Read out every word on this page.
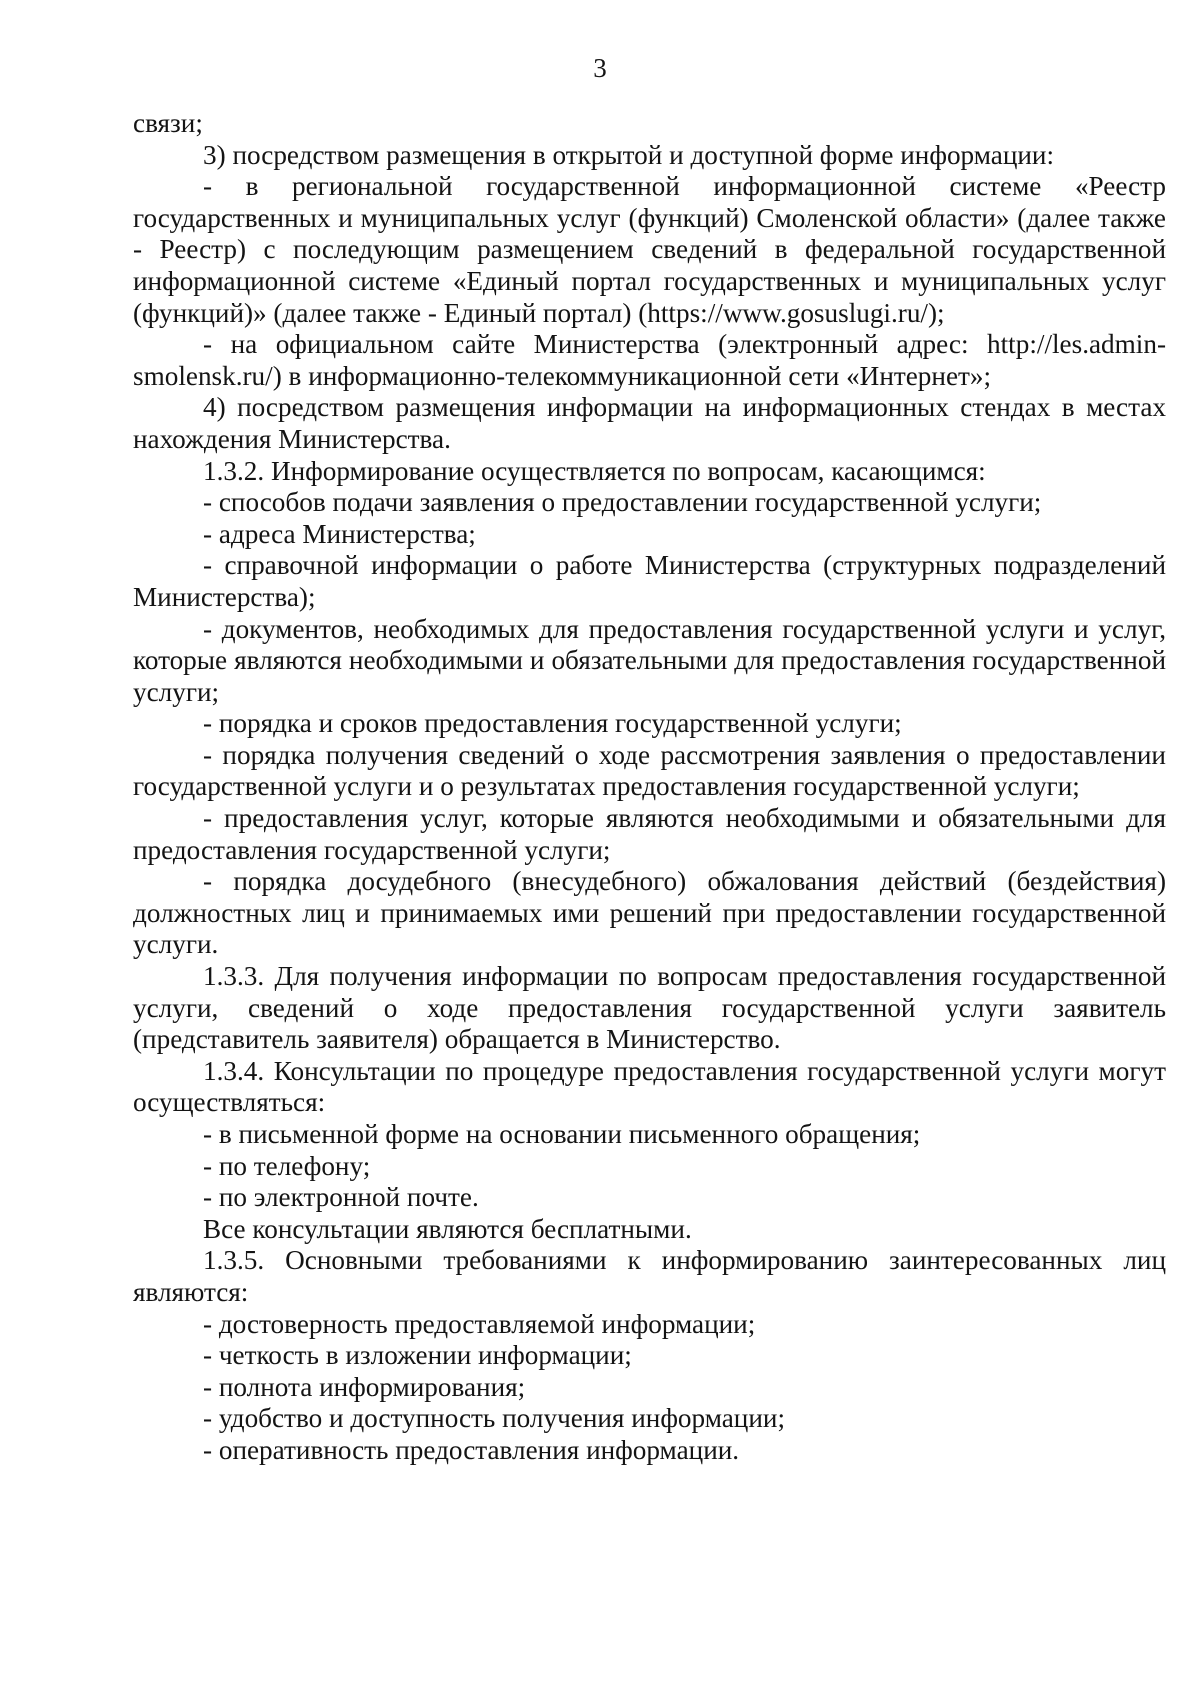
3

связи;

3) посредством размещения в открытой и доступной форме информации:

- в региональной государственной информационной системе «Реестр государственных и муниципальных услуг (функций) Смоленской области» (далее также - Реестр) с последующим размещением сведений в федеральной государственной информационной системе «Единый портал государственных и муниципальных услуг (функций)» (далее также - Единый портал) (https://www.gosuslugi.ru/);

- на официальном сайте Министерства (электронный адрес: http://les.admin-smolensk.ru/) в информационно-телекоммуникационной сети «Интернет»;

4) посредством размещения информации на информационных стендах в местах нахождения Министерства.

1.3.2. Информирование осуществляется по вопросам, касающимся:

- способов подачи заявления о предоставлении государственной услуги;

- адреса Министерства;

- справочной информации о работе Министерства (структурных подразделений Министерства);

- документов, необходимых для предоставления государственной услуги и услуг, которые являются необходимыми и обязательными для предоставления государственной услуги;

- порядка и сроков предоставления государственной услуги;

- порядка получения сведений о ходе рассмотрения заявления о предоставлении государственной услуги и о результатах предоставления государственной услуги;

- предоставления услуг, которые являются необходимыми и обязательными для предоставления государственной услуги;

- порядка досудебного (внесудебного) обжалования действий (бездействия) должностных лиц и принимаемых ими решений при предоставлении государственной услуги.

1.3.3. Для получения информации по вопросам предоставления государственной услуги, сведений о ходе предоставления государственной услуги заявитель (представитель заявителя) обращается в Министерство.

1.3.4. Консультации по процедуре предоставления государственной услуги могут осуществляться:

- в письменной форме на основании письменного обращения;

- по телефону;

- по электронной почте.

Все консультации являются бесплатными.

1.3.5. Основными требованиями к информированию заинтересованных лиц являются:

- достоверность предоставляемой информации;

- четкость в изложении информации;

- полнота информирования;

- удобство и доступность получения информации;

- оперативность предоставления информации.
